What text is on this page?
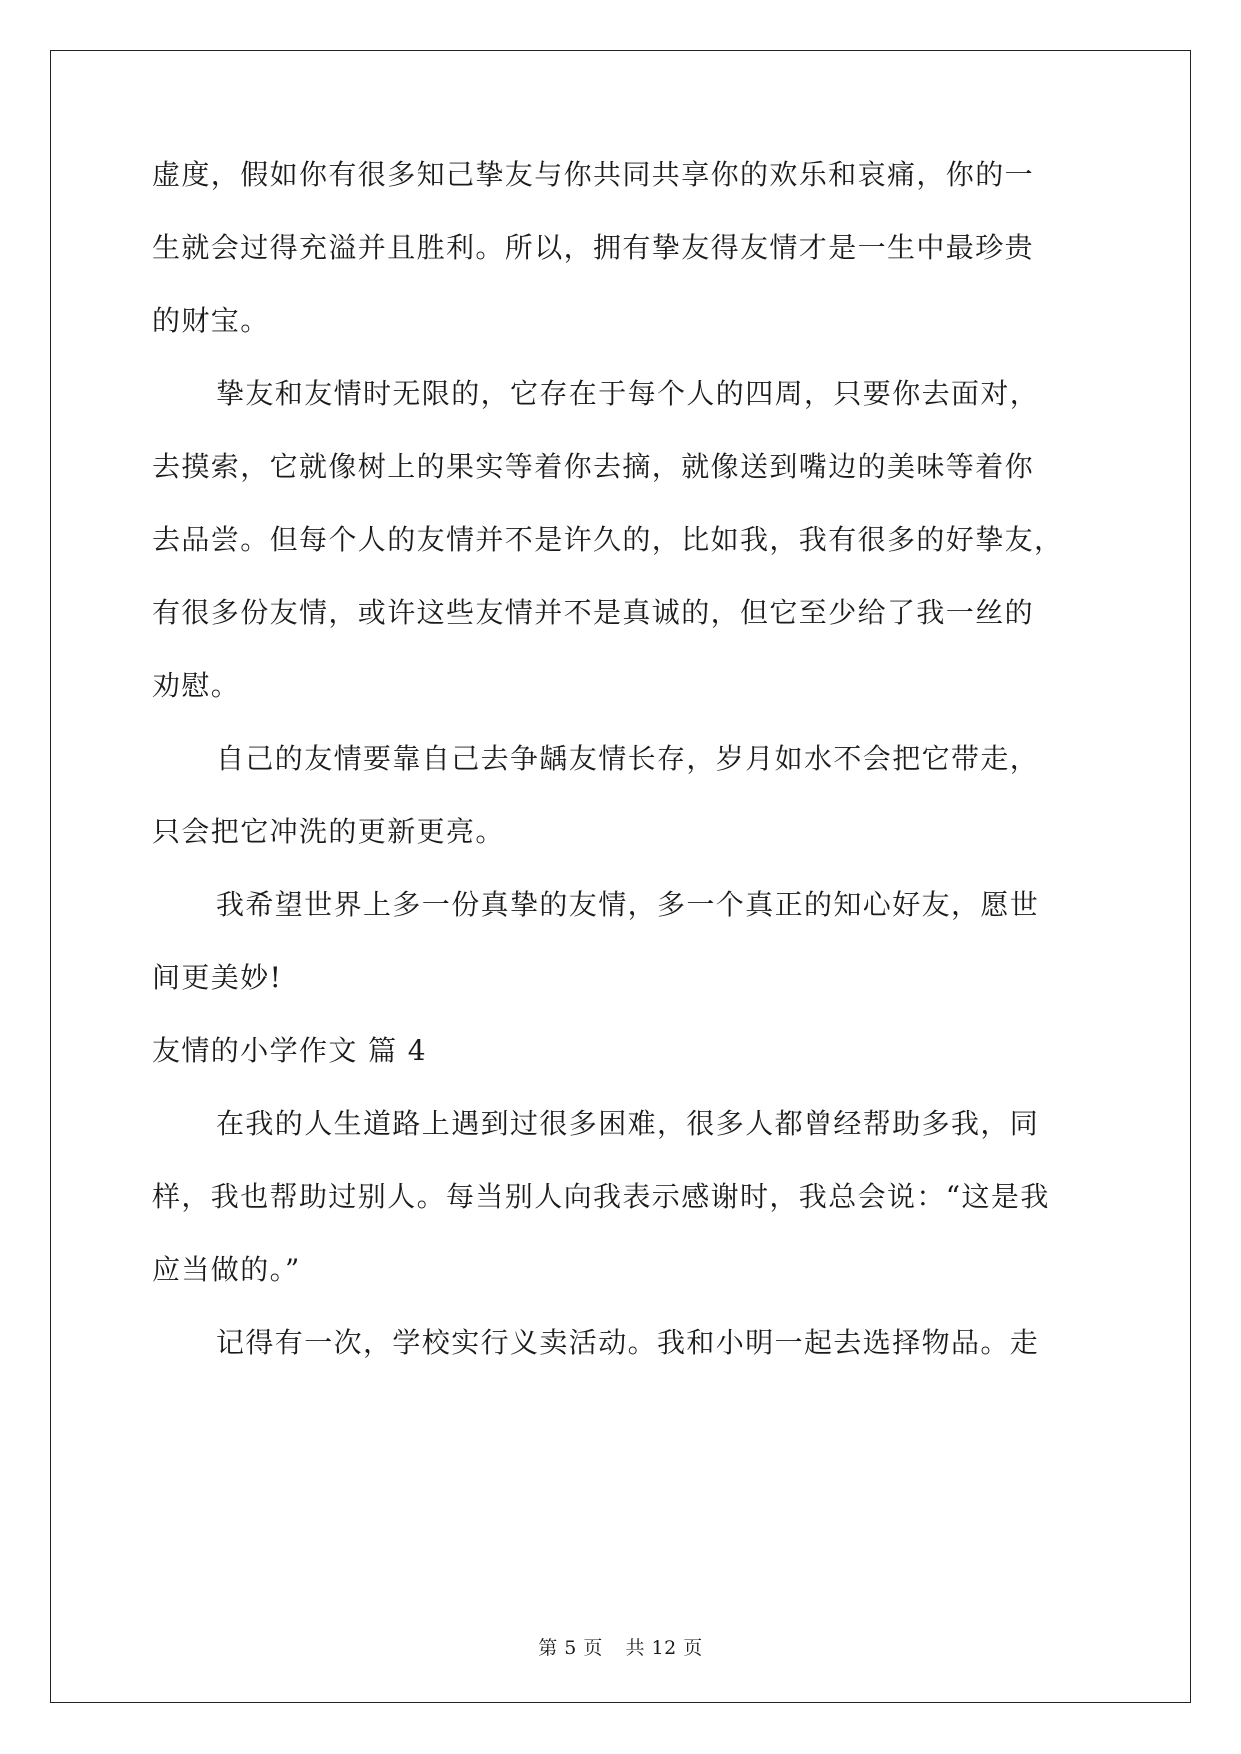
虚度，假如你有很多知己挚友与你共同共享你的欢乐和哀痛，你的一
生就会过得充溢并且胜利。所以，拥有挚友得友情才是一生中最珍贵
的财宝。
挚友和友情时无限的，它存在于每个人的四周，只要你去面对，
去摸索，它就像树上的果实等着你去摘，就像送到嘴边的美味等着你
去品尝。但每个人的友情并不是许久的，比如我，我有很多的好挚友，
有很多份友情，或许这些友情并不是真诚的，但它至少给了我一丝的
劝慰。
自己的友情要靠自己去争龋友情长存，岁月如水不会把它带走，
只会把它冲洗的更新更亮。
我希望世界上多一份真挚的友情，多一个真正的知心好友，愿世
间更美妙!
友情的小学作文 篇 4
在我的人生道路上遇到过很多困难，很多人都曾经帮助多我，同
样，我也帮助过别人。每当别人向我表示感谢时，我总会说：“这是我
应当做的。”
记得有一次，学校实行义卖活动。我和小明一起去选择物品。走
第 5 页 共 12 页
